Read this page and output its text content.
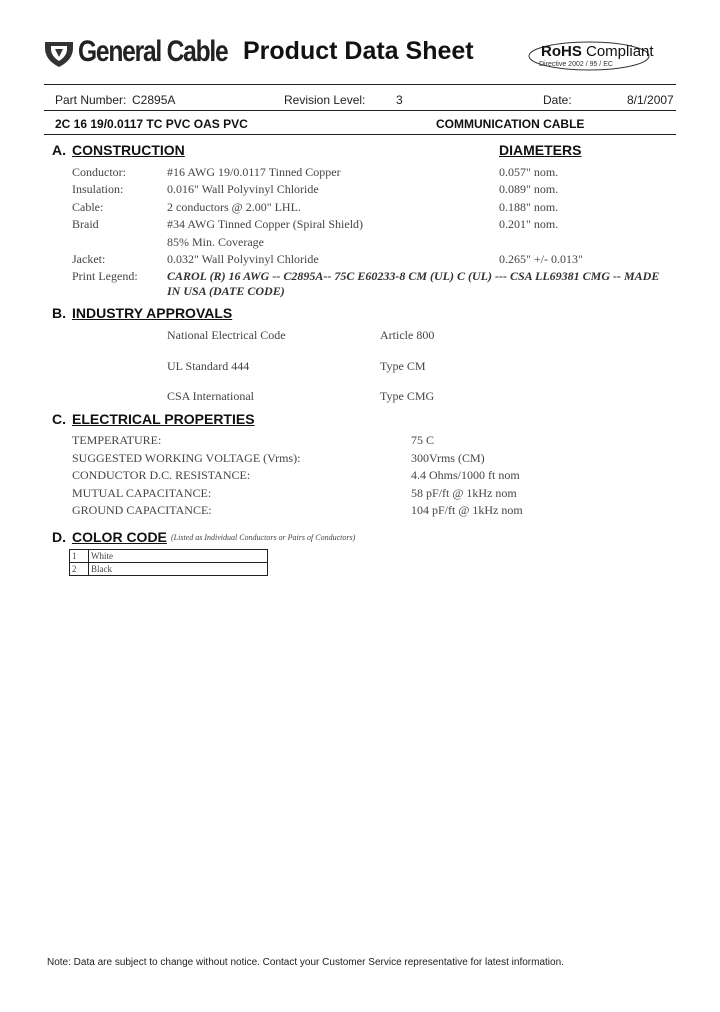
General Cable Product Data Sheet	RoHS Compliant
Directive 2002 / 95 / EC
Part Number: C2895A	Revision Level:	3	Date:	8/1/2007
2C 16 19/0.0117 TC PVC OAS PVC	COMMUNICATION CABLE
A. CONSTRUCTION	DIAMETERS
Conductor:	#16 AWG 19/0.0117 Tinned Copper	0.057" nom.
Insulation:	0.016" Wall Polyvinyl Chloride	0.089" nom.
Cable:	2 conductors @ 2.00" LHL.	0.188" nom.
Braid	#34 AWG Tinned Copper (Spiral Shield)	0.201" nom.
85% Min. Coverage
Jacket:	0.032" Wall Polyvinyl Chloride	0.265" +/- 0.013"
Print Legend: CAROL (R) 16 AWG -- C2895A-- 75C E60233-8 CM (UL) C (UL) --- CSA LL69381 CMG -- MADE
IN USA (DATE CODE)
B. INDUSTRY APPROVALS
National Electrical Code	Article 800
UL Standard 444	Type CM
CSA International	Type CMG
C. ELECTRICAL PROPERTIES
TEMPERATURE:	75 C
SUGGESTED WORKING VOLTAGE (Vrms):	300Vrms (CM)
CONDUCTOR D.C. RESISTANCE:	4.4 Ohms/1000 ft nom
MUTUAL CAPACITANCE:	58 pF/ft @ 1kHz nom
GROUND CAPACITANCE:	104 pF/ft @ 1kHz nom
D. COLOR CODE (Listed as Individual Conductors or Pairs of Conductors)
1	White
2	Black
Note: Data are subject to change without notice. Contact your Customer Service representative for latest information.
